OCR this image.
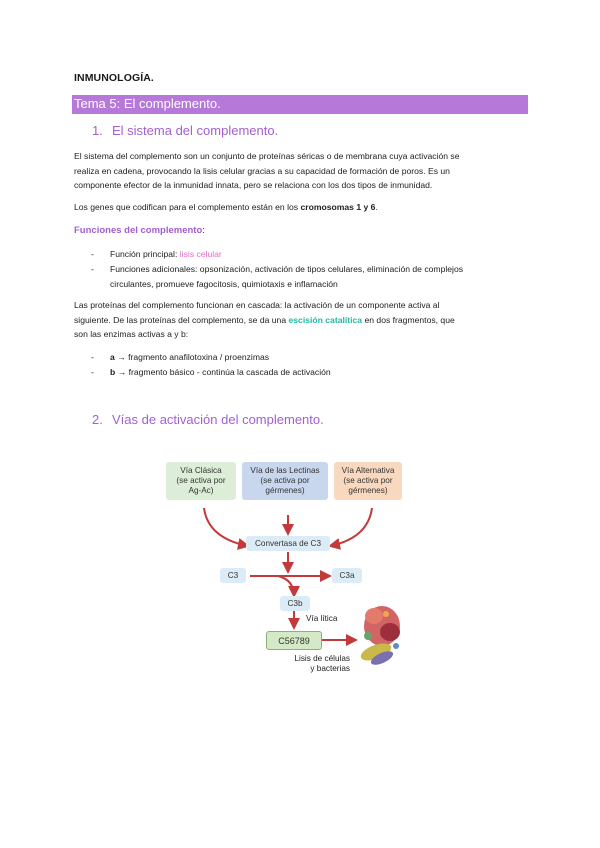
INMUNOLOGÍA.
Tema 5: El complemento.
1. El sistema del complemento.
El sistema del complemento son un conjunto de proteínas séricas o de membrana cuya activación se
realiza en cadena, provocando la lisis celular gracias a su capacidad de formación de poros. Es un
componente efector de la inmunidad innata, pero se relaciona con los dos tipos de inmunidad.
Los genes que codifican para el complemento están en los cromosomas 1 y 6.
Funciones del complemento:
- Función principal: lisis celular
- Funciones adicionales: opsonización, activación de tipos celulares, eliminación de complejos
circulantes, promueve fagocitosis, quimiotaxis e inflamación
Las proteínas del complemento funcionan en cascada: la activación de un componente activa al
siguiente. De las proteínas del complemento, se da una escisión catalítica en dos fragmentos, que
son las enzimas activas a y b:
- a → fragmento anafilotoxina / proenzimas
- b → fragmento básico - continúa la cascada de activación
2. Vías de activación del complemento.
Vía Clásica
(se activa por
Ag-Ac)
Vía de las Lectinas
(se activa por
gérmenes)
Vía Alternativa
(se activa por
gérmenes)
Convertasa de C3
C3	C3a
C3b
Vía lítica
C56789
Lisis de células
y bacterias
